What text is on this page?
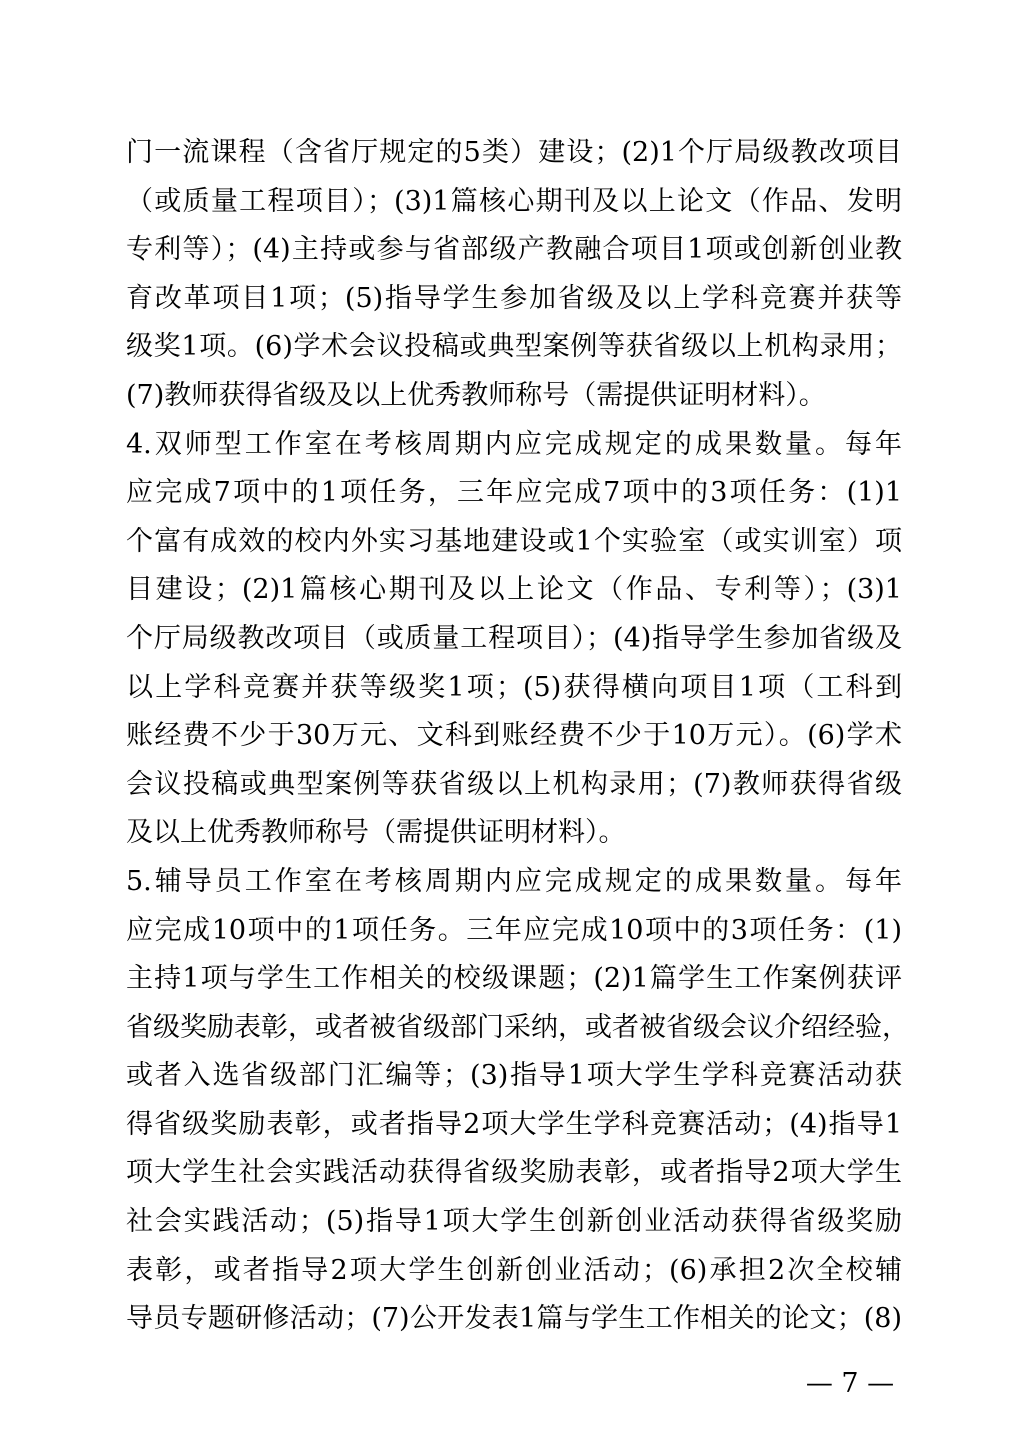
门一流课程（含省厅规定的5类）建设；(2)1个厅局级教改项目
（或质量工程项目）；(3)1篇核心期刊及以上论文（作品、发明
专利等）；(4)主持或参与省部级产教融合项目1项或创新创业教
育改革项目1项；(5)指导学生参加省级及以上学科竞赛并获等
级奖1项。(6)学术会议投稿或典型案例等获省级以上机构录用；
(7)教师获得省级及以上优秀教师称号（需提供证明材料）。
4.双师型工作室在考核周期内应完成规定的成果数量。每年
应完成7项中的1项任务，三年应完成7项中的3项任务：(1)1
个富有成效的校内外实习基地建设或1个实验室（或实训室）项
目建设；(2)1篇核心期刊及以上论文（作品、专利等）；(3)1
个厅局级教改项目（或质量工程项目）；(4)指导学生参加省级及
以上学科竞赛并获等级奖1项；(5)获得横向项目1项（工科到
账经费不少于30万元、文科到账经费不少于10万元）。(6)学术
会议投稿或典型案例等获省级以上机构录用；(7)教师获得省级
及以上优秀教师称号（需提供证明材料）。
5.辅导员工作室在考核周期内应完成规定的成果数量。每年
应完成10项中的1项任务。三年应完成10项中的3项任务：(1)
主持1项与学生工作相关的校级课题；(2)1篇学生工作案例获评
省级奖励表彰，或者被省级部门采纳，或者被省级会议介绍经验，
或者入选省级部门汇编等；(3)指导1项大学生学科竞赛活动获
得省级奖励表彰，或者指导2项大学生学科竞赛活动；(4)指导1
项大学生社会实践活动获得省级奖励表彰，或者指导2项大学生
社会实践活动；(5)指导1项大学生创新创业活动获得省级奖励
表彰，或者指导2项大学生创新创业活动；(6)承担2次全校辅
导员专题研修活动；(7)公开发表1篇与学生工作相关的论文；(8)
— 7 —
